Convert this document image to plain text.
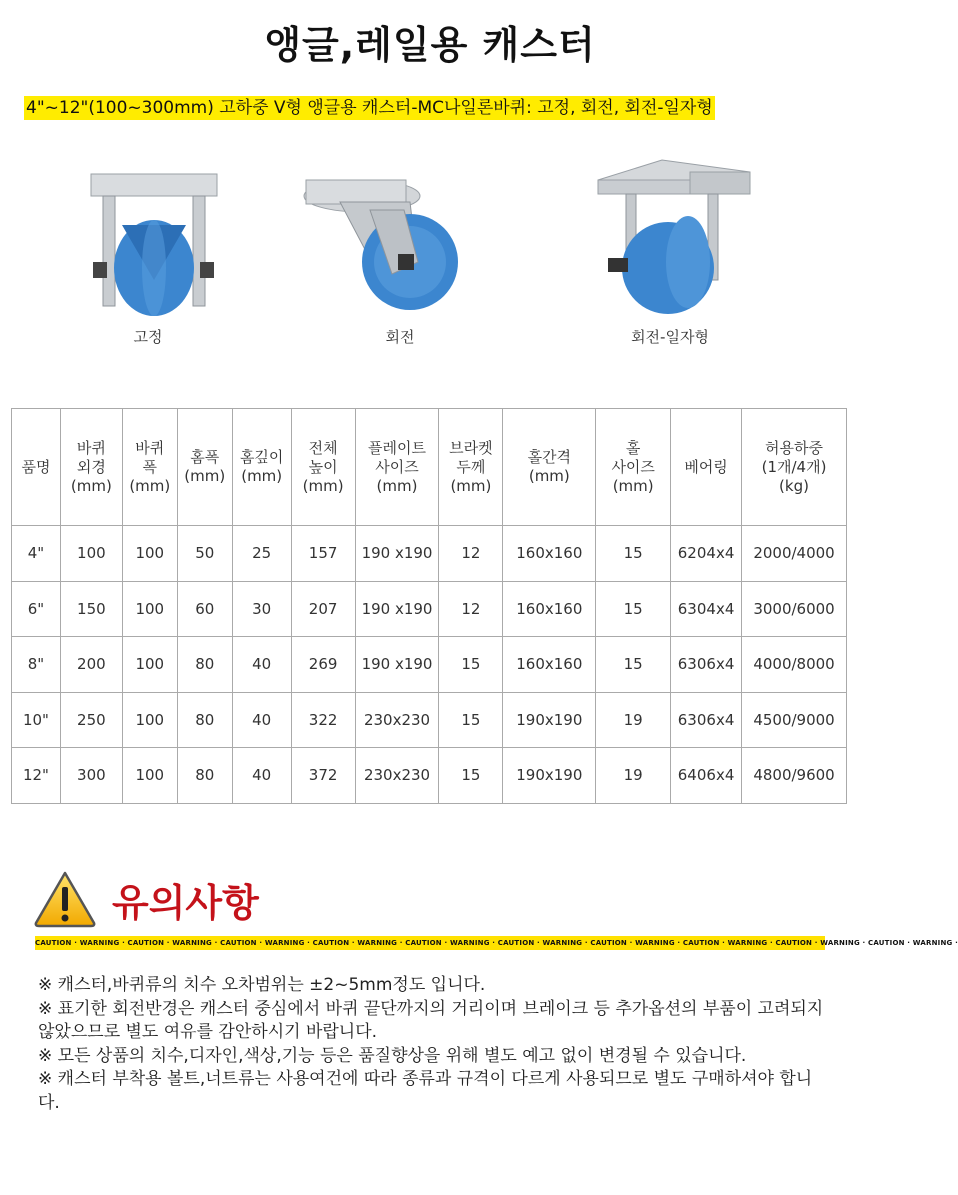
앵글,레일용 캐스터
4"~12"(100~300mm) 고하중 V형 앵글용 캐스터-MC나일론바퀴: 고정, 회전, 회전-일자형
고정	회전	회전-일자형
품명	바퀴
외경
(mm)	바퀴
폭
(mm)	홈폭
(mm)	홈깊이
(mm)	전체
높이
(mm)	플레이트
사이즈
(mm)	브라켓
두께
(mm)	홀간격
(mm)	홀
사이즈
(mm)	베어링	허용하중
(1개/4개)
(kg)
4"	100	100	50	25	157	190 x190	12	160x160	15	6204x4	2000/4000
6"	150	100	60	30	207	190 x190	12	160x160	15	6304x4	3000/6000
8"	200	100	80	40	269	190 x190	15	160x160	15	6306x4	4000/8000
10"	250	100	80	40	322	230x230	15	190x190	19	6306x4	4500/9000
12"	300	100	80	40	372	230x230	15	190x190	19	6406x4	4800/9600
유의사항
CAUTION · WARNING · CAUTION · WARNING · CAUTION · WARNING · CAUTION · WARNING · CAUTION · WARNING · CAUTION · WARNING · CAUTION · WARNING · CAUTION · WARNING · CAUTION · WARNING · CAUTION · WARNING ·

※ 캐스터,바퀴류의 치수 오차범위는 ±2~5mm정도 입니다.

※ 표기한 회전반경은 캐스터 중심에서 바퀴 끝단까지의 거리이며 브레이크 등 추가옵션의 부품이 고려되지 않았으므로 별도 여유를 감안하시기 바랍니다.

※ 모든 상품의 치수,디자인,색상,기능 등은 품질향상을 위해 별도 예고 없이 변경될 수 있습니다.

※ 캐스터 부착용 볼트,너트류는 사용여건에 따라 종류과 규격이 다르게 사용되므로 별도 구매하셔야 합니다.
